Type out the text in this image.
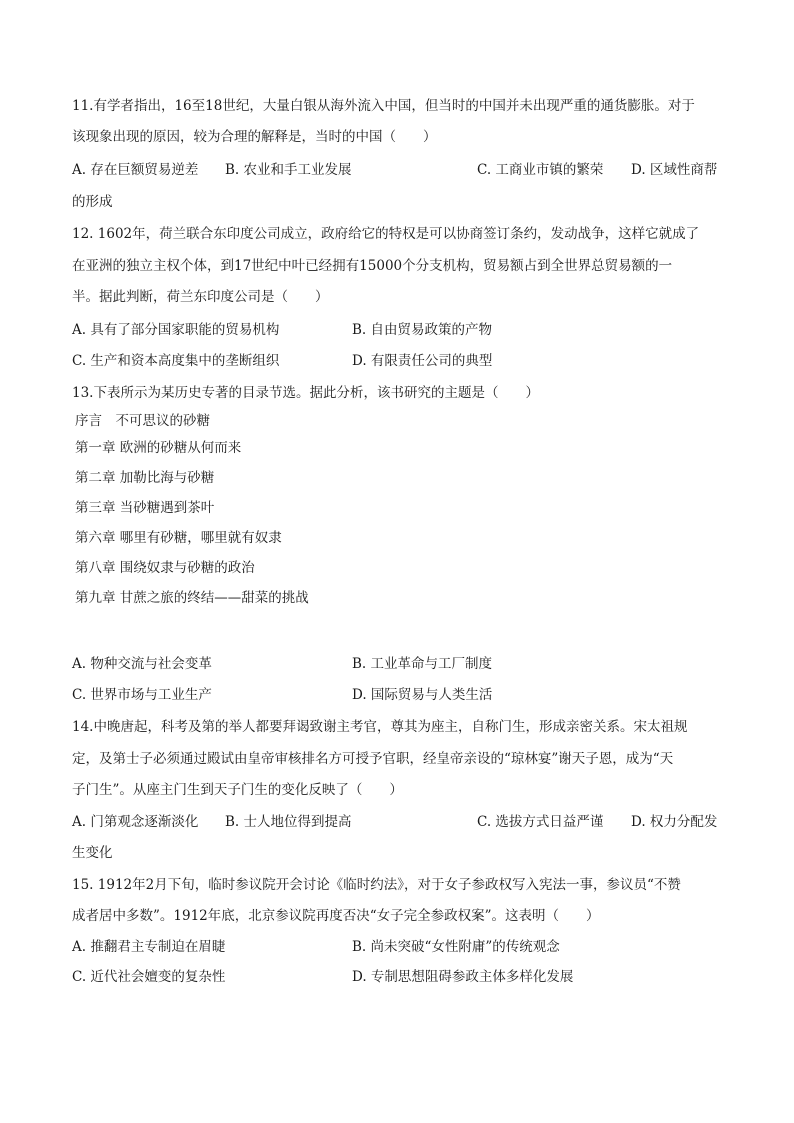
11.有学者指出，16至18世纪，大量白银从海外流入中国，但当时的中国并未出现严重的通货膨胀。对于
该现象出现的原因，较为合理的解释是，当时的中国（　　）
A. 存在巨额贸易逆差 B. 农业和手工业发展	C. 工商业市镇的繁荣 D. 区域性商帮
的形成
12. 1602年，荷兰联合东印度公司成立，政府给它的特权是可以协商签订条约，发动战争，这样它就成了
在亚洲的独立主权个体，到17世纪中叶已经拥有15000个分支机构，贸易额占到全世界总贸易额的一
半。据此判断，荷兰东印度公司是（　　）
A. 具有了部分国家职能的贸易机构	B. 自由贸易政策的产物
C. 生产和资本高度集中的垄断组织	D. 有限责任公司的典型
13.下表所示为某历史专著的目录节选。据此分析，该书研究的主题是（　　）
序言　不可思议的砂糖
第一章 欧洲的砂糖从何而来
第二章 加勒比海与砂糖
第三章 当砂糖遇到茶叶
第六章 哪里有砂糖，哪里就有奴隶
第八章 围绕奴隶与砂糖的政治
第九章 甘蔗之旅的终结——甜菜的挑战
A. 物种交流与社会变革	B. 工业革命与工厂制度
C. 世界市场与工业生产	D. 国际贸易与人类生活
14.中晚唐起，科考及第的举人都要拜谒致谢主考官，尊其为座主，自称门生，形成亲密关系。宋太祖规
定，及第士子必须通过殿试由皇帝审核排名方可授予官职，经皇帝亲设的“琼林宴”谢天子恩，成为“天
子门生”。从座主门生到天子门生的变化反映了（　　）
A. 门第观念逐渐淡化 B. 士人地位得到提高	C. 选拔方式日益严谨 D. 权力分配发
生变化
15. 1912年2月下旬，临时参议院开会讨论《临时约法》，对于女子参政权写入宪法一事，参议员“不赞
成者居中多数”。1912年底，北京参议院再度否决“女子完全参政权案”。这表明（　　）
A. 推翻君主专制迫在眉睫	B. 尚未突破“女性附庸”的传统观念
C. 近代社会嬗变的复杂性	D. 专制思想阻碍参政主体多样化发展
